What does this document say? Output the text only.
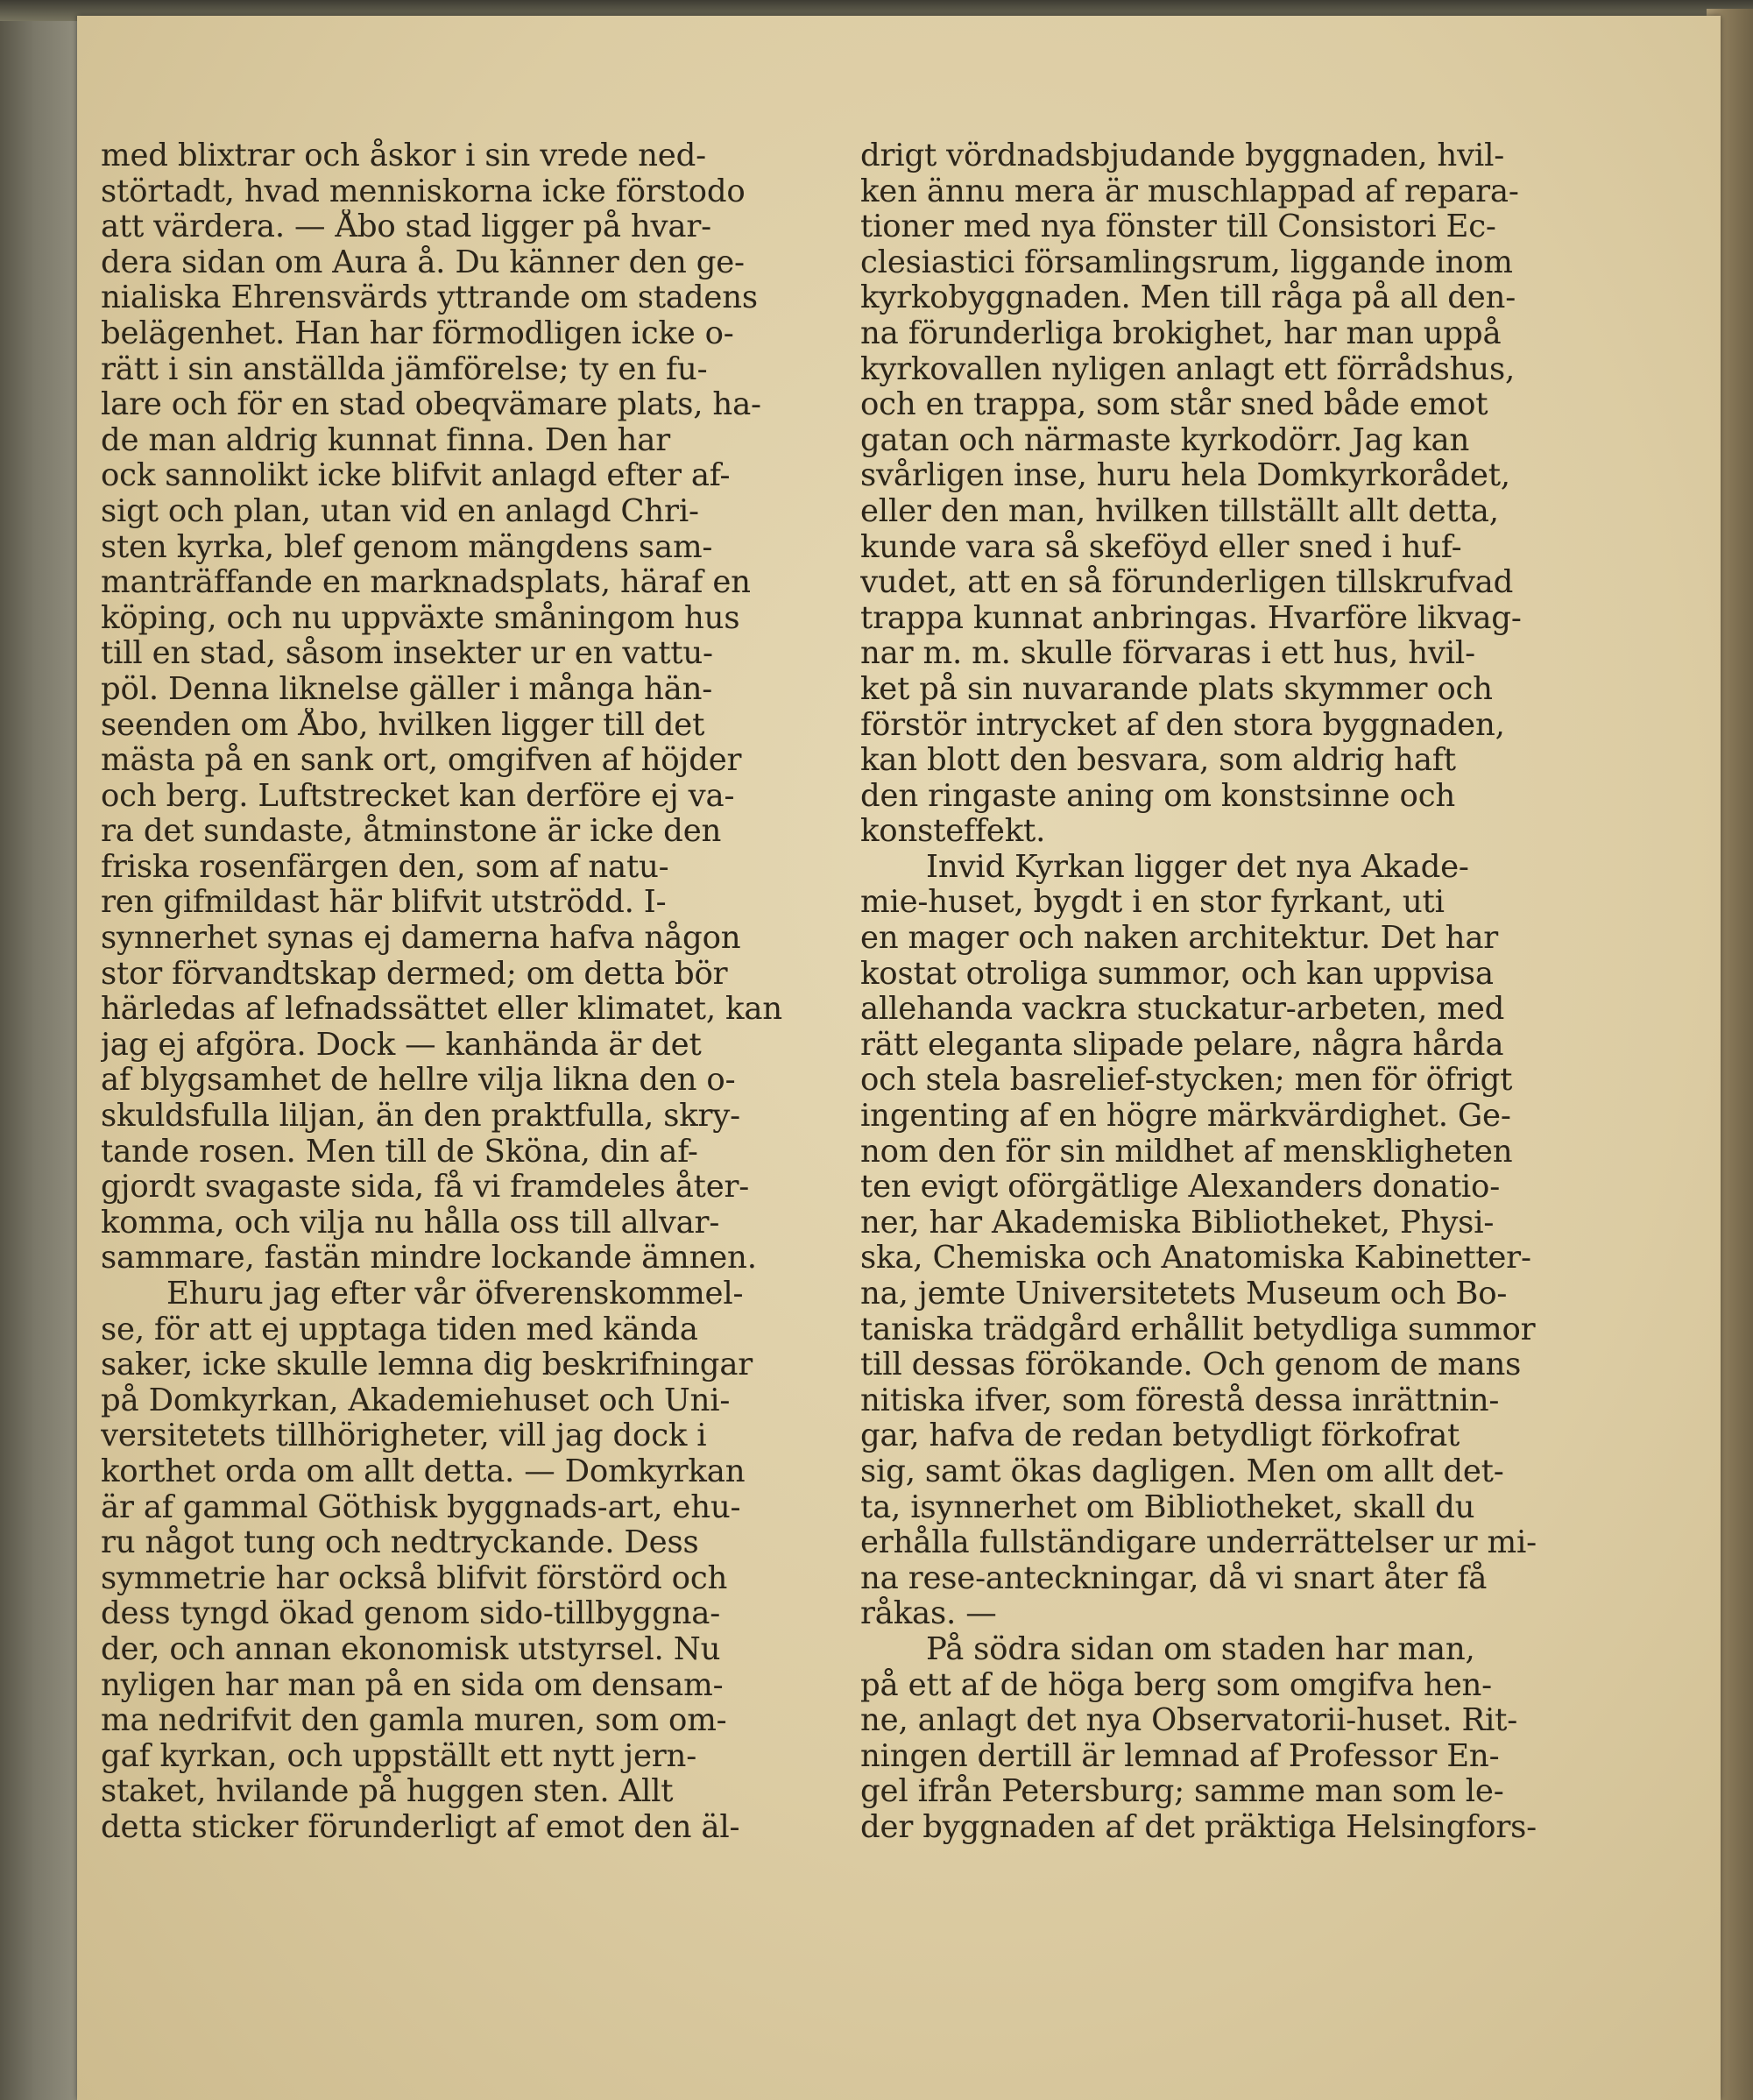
med blixtrar och åskor i sin vrede ned-
störtadt, hvad menniskorna icke förstodo
att värdera. — Åbo stad ligger på hvar-
dera sidan om Aura å. Du känner den ge-
nialiska Ehrensvärds yttrande om stadens
belägenhet. Han har förmodligen icke o-
rätt i sin anställda jämförelse; ty en fu-
lare och för en stad obeqvämare plats, ha-
de man aldrig kunnat finna. Den har
ock sannolikt icke blifvit anlagd efter af-
sigt och plan, utan vid en anlagd Chri-
sten kyrka, blef genom mängdens sam-
manträffande en marknadsplats, häraf en
köping, och nu uppväxte småningom hus
till en stad, såsom insekter ur en vattu-
pöl. Denna liknelse gäller i många hän-
seenden om Åbo, hvilken ligger till det
mästa på en sank ort, omgifven af höjder
och berg. Luftstrecket kan derföre ej va-
ra det sundaste, åtminstone är icke den
friska rosenfärgen den, som af natu-
ren gifmildast här blifvit utströdd. I-
synnerhet synas ej damerna hafva någon
stor förvandtskap dermed; om detta bör
härledas af lefnadssättet eller klimatet, kan
jag ej afgöra. Dock — kanhända är det
af blygsamhet de hellre vilja likna den o-
skuldsfulla liljan, än den praktfulla, skry-
tande rosen. Men till de Sköna, din af-
gjordt svagaste sida, få vi framdeles åter-
komma, och vilja nu hålla oss till allvar-
sammare, fastän mindre lockande ämnen.
Ehuru jag efter vår öfverenskommel-
se, för att ej upptaga tiden med kända
saker, icke skulle lemna dig beskrifningar
på Domkyrkan, Akademiehuset och Uni-
versitetets tillhörigheter, vill jag dock i
korthet orda om allt detta. — Domkyrkan
är af gammal Göthisk byggnads-art, ehu-
ru något tung och nedtryckande. Dess
symmetrie har också blifvit förstörd och
dess tyngd ökad genom sido-tillbyggna-
der, och annan ekonomisk utstyrsel. Nu
nyligen har man på en sida om densam-
ma nedrifvit den gamla muren, som om-
gaf kyrkan, och uppställt ett nytt jern-
staket, hvilande på huggen sten. Allt
detta sticker förunderligt af emot den äl-
drigt vördnadsbjudande byggnaden, hvil-
ken ännu mera är muschlappad af repara-
tioner med nya fönster till Consistori Ec-
clesiastici församlingsrum, liggande inom
kyrkobyggnaden. Men till råga på all den-
na förunderliga brokighet, har man uppå
kyrkovallen nyligen anlagt ett förrådshus,
och en trappa, som står sned både emot
gatan och närmaste kyrkodörr. Jag kan
svårligen inse, huru hela Domkyrkorådet,
eller den man, hvilken tillställt allt detta,
kunde vara så skeföyd eller sned i huf-
vudet, att en så förunderligen tillskrufvad
trappa kunnat anbringas. Hvarföre likvag-
nar m. m. skulle förvaras i ett hus, hvil-
ket på sin nuvarande plats skymmer och
förstör intrycket af den stora byggnaden,
kan blott den besvara, som aldrig haft
den ringaste aning om konstsinne och
konsteffekt.
Invid Kyrkan ligger det nya Akade-
mie-huset, bygdt i en stor fyrkant, uti
en mager och naken architektur. Det har
kostat otroliga summor, och kan uppvisa
allehanda vackra stuckatur-arbeten, med
rätt eleganta slipade pelare, några hårda
och stela basrelief-stycken; men för öfrigt
ingenting af en högre märkvärdighet. Ge-
nom den för sin mildhet af menskligheten
ten evigt oförgätlige Alexanders donatio-
ner, har Akademiska Bibliotheket, Physi-
ska, Chemiska och Anatomiska Kabinetter-
na, jemte Universitetets Museum och Bo-
taniska trädgård erhållit betydliga summor
till dessas förökande. Och genom de mans
nitiska ifver, som förestå dessa inrättnin-
gar, hafva de redan betydligt förkofrat
sig, samt ökas dagligen. Men om allt det-
ta, isynnerhet om Bibliotheket, skall du
erhålla fullständigare underrättelser ur mi-
na rese-anteckningar, då vi snart åter få
råkas. —
På södra sidan om staden har man,
på ett af de höga berg som omgifva hen-
ne, anlagt det nya Observatorii-huset. Rit-
ningen dertill är lemnad af Professor En-
gel ifrån Petersburg; samme man som le-
der byggnaden af det präktiga Helsingfors-
